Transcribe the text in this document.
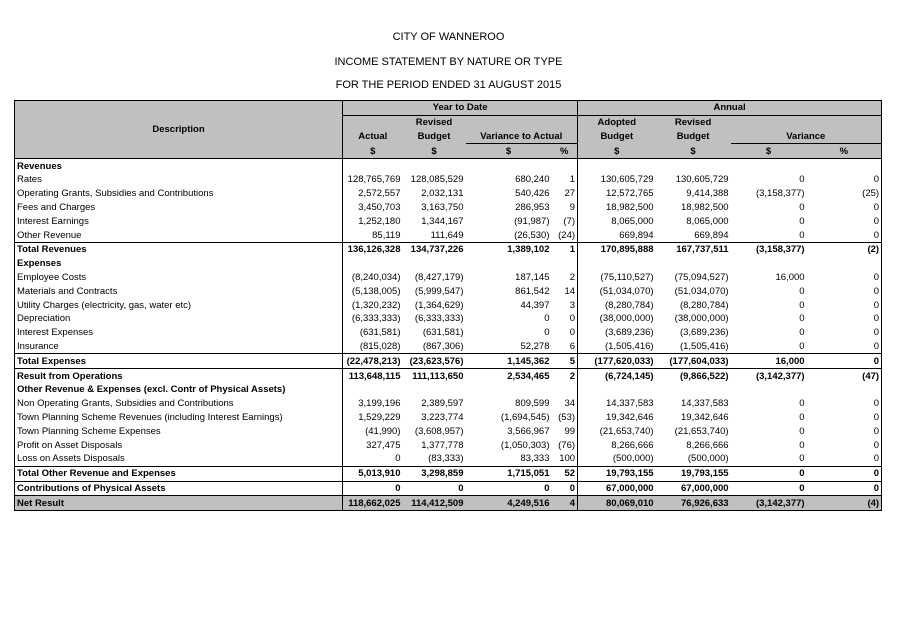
CITY OF WANNEROO
INCOME STATEMENT BY NATURE OR TYPE
FOR THE PERIOD ENDED 31 AUGUST 2015
Description	Year to Date				Annual			
		Revised			Adopted	Revised		
	Actual	Budget	Variance to Actual		Budget	Budget	Variance	
	$	$	$	%	$	$	$	%
Revenues								
Rates	128,765,769	128,085,529	680,240	1	130,605,729	130,605,729	0	0
Operating Grants, Subsidies and Contributions	2,572,557	2,032,131	540,426	27	12,572,765	9,414,388	(3,158,377)	(25)
Fees and Charges	3,450,703	3,163,750	286,953	9	18,982,500	18,982,500	0	0
Interest Earnings	1,252,180	1,344,167	(91,987)	(7)	8,065,000	8,065,000	0	0
Other Revenue	85,119	111,649	(26,530)	(24)	669,894	669,894	0	0
Total Revenues	136,126,328	134,737,226	1,389,102	1	170,895,888	167,737,511	(3,158,377)	(2)
Expenses								
Employee Costs	(8,240,034)	(8,427,179)	187,145	2	(75,110,527)	(75,094,527)	16,000	0
Materials and Contracts	(5,138,005)	(5,999,547)	861,542	14	(51,034,070)	(51,034,070)	0	0
Utility Charges (electricity, gas, water etc)	(1,320,232)	(1,364,629)	44,397	3	(8,280,784)	(8,280,784)	0	0
Depreciation	(6,333,333)	(6,333,333)	0	0	(38,000,000)	(38,000,000)	0	0
Interest Expenses	(631,581)	(631,581)	0	0	(3,689,236)	(3,689,236)	0	0
Insurance	(815,028)	(867,306)	52,278	6	(1,505,416)	(1,505,416)	0	0
Total Expenses	(22,478,213)	(23,623,576)	1,145,362	5	(177,620,033)	(177,604,033)	16,000	0
Result from Operations	113,648,115	111,113,650	2,534,465	2	(6,724,145)	(9,866,522)	(3,142,377)	(47)
Other Revenue & Expenses (excl. Contr of Physical Assets)								
Non Operating Grants, Subsidies and Contributions	3,199,196	2,389,597	809,599	34	14,337,583	14,337,583	0	0
Town Planning Scheme Revenues (including Interest Earnings)	1,529,229	3,223,774	(1,694,545)	(53)	19,342,646	19,342,646	0	0
Town Planning Scheme Expenses	(41,990)	(3,608,957)	3,566,967	99	(21,653,740)	(21,653,740)	0	0
Profit on Asset Disposals	327,475	1,377,778	(1,050,303)	(76)	8,266,666	8,266,666	0	0
Loss on Assets Disposals	0	(83,333)	83,333	100	(500,000)	(500,000)	0	0
Total Other Revenue and Expenses	5,013,910	3,298,859	1,715,051	52	19,793,155	19,793,155	0	0
Contributions of Physical Assets	0	0	0	0	67,000,000	67,000,000	0	0
Net Result	118,662,025	114,412,509	4,249,516	4	80,069,010	76,926,633	(3,142,377)	(4)
